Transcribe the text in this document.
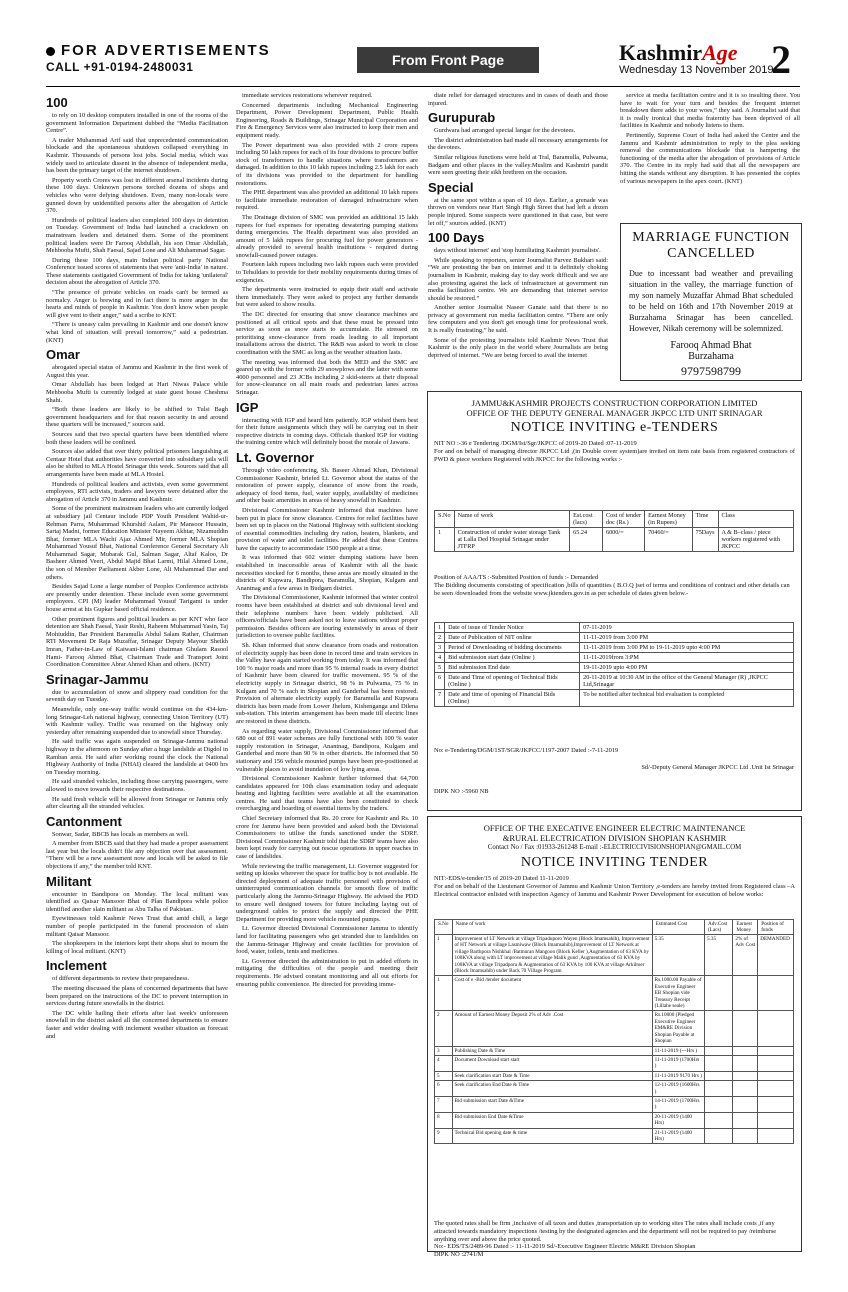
FOR ADVERTISEMENTS
CALL +91-0194-2480031	From Front Page	KashmirAge
Wednesday 13 November 2019
2
100

to rely on 10 desktop computers installed in one of the rooms of the government Information Department dubbed the “Media Facilitation Centre”.

A trader Muhammad Arif said that unprecedented communication blockade and the spontaneous shutdown collapsed everything in Kashmir. Thousands of persons lost jobs. Social media, which was widely used to articulate dissent in the absence of independent media, has been the primary target of the internet shutdown.

Property worth Crores was lost in different arsenal incidents during these 100 days. Unknown persons torched dozens of shops and vehicles who were defying shutdown. Even, many non-locals were gunned down by unidentified persons after the abrogation of Article 370.

Hundreds of political leaders also completed 100 days in detention on Tuesday. Government of India had launched a crackdown on mainstream leaders and detained them. Some of the prominent political leaders were Dr Farooq Abdullah, his son Omar Abdullah, Mehbooba Mufti, Shah Faesal, Sajad Lone and Ali Muhammad Sagar.

During these 100 days, main Indian political party National Conference issued scores of statements that were 'anti-India' in nature. These statements castigated Government of India for taking 'unilateral' decision about the abrogation of Article 370.

“The presence of private vehicles on roads can't be termed as normalcy. Anger is brewing and in fact there is more anger in the hearts and minds of people in Kashmir. You don't know when people will give vent to their anger,” said a scribe to KNT.

“There is uneasy calm prevailing in Kashmir and one doesn't know what kind of situation will prevail tomorrow,” said a pedestrian. (KNT)

Omar

abrogated special status of Jammu and Kashmir in the first week of August this year.

Omar Abdullah has been lodged at Hari Niwas Palace while Mehbooba Mufti is currently lodged at state guest house Cheshma Shahi.

“Both these leaders are likely to be shifted to Tulsi Bagh government headquarters and for that reason security in and around these quarters will be increased,” sources said.

Sources said that two special quarters have been identified where both these leaders will be confined.

Sources also added that over thirty political prisoners languishing at Centaur Hotel that authorities have converted into subsidiary jails will also be shifted to MLA Hostel Srinagar this week. Sources said that all arrangements have been made at MLA Hostel.

Hundreds of political leaders and activists, even some government employees, RTI activists, traders and lawyers were detained after the abrogation of Article 370 in Jammu and Kashmir.

Some of the prominent mainstream leaders who are currently lodged at subsidiary jail Centaur include PDP Youth President Wahid-ur-Rehman Parra, Muhammad Khurshid Aalam, Pir Mansoor Hussain, Sartaj Madni, former Education Minister Nayeem Akhtar, Nizamuddin Bhat, former MLA Wachi Ajaz Ahmed Mir, former MLA Shopian Muhammad Yousuf Bhat, National Conference General Secretary Ali Muhammad Sagar, Mubarak Gul, Salman Sagar, Altaf Kaloo, Dr Basheer Ahmed Veeri, Abdul Majid Bhat Larmi, Hilal Ahmed Lone, the son of Member Parliament Akber Lone, Ali Muhammad Dar and others.

Besides Sajad Lone a large number of Peoples Conference activists are presently under detention. These include even some government employees. CPI (M) leader Muhammad Yousuf Tarigami is under house arrest at his Gupkar based official residence.

Other prominent figures and political leaders as per KNT who face detention are Shah Faesal, Yasir Reshi, Raheem Muhammad Yasin, Taj Mohiuddin, Bar President Baramulla Abdul Salam Rather, Chairman RTI Movement Dr Raja Muzaffar, Srinagar Deputy Mayour Sheikh Imran, Father-in-Law of Kaiwani-Islami chairman Ghulam Rasool Hami- Farooq Ahmed Bhat, Chairman Trade and Transport Joint Coordination Committee Abrar Ahmed Khan and others. (KNT)

Srinagar-Jammu

due to accumulation of snow and slippery road condition for the seventh day on Tuesday.

Meanwhile, only one-way traffic would continue on the 434-km-long Srinagar-Leh national highway, connecting Union Territory (UT) with Kashmir valley. Traffic was resumed on the highway only yesterday after remaining suspended due to snowfall since Thursday.

He said traffic was again suspended on Srinagar-Jammu national highway in the afternoon on Sunday after a huge landslide at Digdol in Ramban area. He said after working round the clock the National Highway Authority of India (NHAI) cleared the landslide at 0400 hrs on Tuesday morning.

He said stranded vehicles, including those carrying passengers, were allowed to move towards their respective destinations.

He said fresh vehicle will be allowed from Srinagar or Jammu only after clearing all the stranded vehicles.

Cantonment

Sonwar, Sadar, BBCB has locals as members as well.

A member from BBCB said that they had made a proper assessment last year but the locals didn't file any objection over that assessment. “There will be a new assessment now and locals will be asked to file objections if any,” the member told KNT.

Militant

encounter in Bandipora on Monday. The local militant was identified as Qaisar Mansoor Bhat of Plan Bandipora while police identified another slain militant as Abu Talha of Pakistan.

Eyewitnesses told Kashmir News Trust that amid chill, a large number of people participated in the funeral procession of slain militant Qaisar Mansoor.

The shopkeepers in the interiors kept their shops shut to mourn the killing of local militant. (KNT)

Inclement

of different departments to review their preparedness.

The meeting discussed the plans of concerned departments that have been prepared on the instructions of the DC to prevent interruption in services during future snowfalls in the district.

The DC while hailing their efforts after last week's unforeseen snowfall in the district asked all the concerned departments to ensure faster and wider dealing with inclement weather situation as forecast and

immediate services restorations wherever required.

Concerned departments including Mechanical Engineering Department, Power Development Department, Public Health Engineering, Roads & Buildings, Srinagar Municipal Corporation and Fire & Emergency Services were also instructed to keep their men and equipment ready.

The Power department was also provided with 2 crore rupees including 50 lakh rupees for each of its four divisions to procure buffer stock of transformers to handle situations where transformers are damaged. In addition to this 10 lakh rupees including 2.5 lakh for each of its divisions was provided to the department for handling restorations.

The PHE department was also provided an additional 10 lakh rupees to facilitate immediate restoration of damaged infrastructure when required.

The Drainage division of SMC was provided an additional 15 lakh rupees for fuel expenses for operating dewatering pumping stations during emergencies. The Health department was also provided an amount of 5 lakh rupees for procuring fuel for power generators - already provided to several health institutions - required during snowfall-caused power outages.

Fourteen lakh rupees including two lakh rupees each were provided to Tehsildars to provide for their mobility requirements during times of exigencies.

The departments were instructed to equip their staff and activate them immediately. They were asked to project any further demands but were asked to show results.

The DC directed for ensuring that snow clearance machines are positioned at all critical spots and that these must be pressed into service as soon as snow starts to accumulate. He stressed on prioritising snow-clearance from roads leading to all important installations across the district. The R&B was asked to work in close coordination with the SMC as long as the weather situation lasts.

The meeting was informed that both the MED and the SMC are geared up with the former with 29 snowplows and the latter with some 4000 personnel and 23 JCBs including 2 skid-steers at their disposal for snow-clearance on all main roads and pedestrian lanes across Srinagar.

IGP

interacting with IGP and heard him patiently. IGP wished them best for their future assignments which they will be carrying out in their respective districts in coming days. Officials thanked IGP for visiting the training centre which will definitely boost the morale of Jawans.

Lt. Governor

Through video conferencing, Sh. Baseer Ahmad Khan, Divisional Commissioner Kashmir, briefed Lt. Governor about the status of the restoration of power supply, clearance of snow from the roads, adequacy of food items, fuel, water supply, availability of medicines and other basic amenities in areas of heavy snowfall in Kashmir.

Divisional Commissioner Kashmir informed that machines have been put in place for snow clearance. Centres for relief facilities have been set up in places on the National Highway with sufficient stocking of essential commodities including dry ration, heaters, blankets, and provision of water and toilet facilities. He added that these Centres have the capacity to accommodate 1500 people at a time.

It was informed that 602 winter dumping stations have been established in inaccessible areas of Kashmir with all the basic necessities stocked for 6 months, these areas are mostly situated in the districts of Kupwara, Bandipora, Baramulla, Shopian, Kulgam and Anantnag and a few areas in Budgam district.

The Divisional Commissioner, Kashmir informed that winter control rooms have been established at district and sub divisional level and their telephone numbers have been widely publicised. All officers/officials have been asked not to leave stations without proper permission. Besides officers are touring extensively in areas of their jurisdiction to oversee public facilities.

Sh. Khan informed that snow clearance from roads and restoration of electricity supply has been done in record time and train services in the Valley have again started working from today. It was informed that 100 % major roads and more than 95 % internal roads in every district of Kashmir have been cleared for traffic movement. 95 % of the electricity supply in Srinagar district, 98 % in Pulwama, 75 % in Kulgam and 70 % each in Shopian and Ganderbal has been restored. Provision of alternate electricity supply for Baramulla and Kupwara districts has been made from Lower Jhelum, Kishenganga and Dilena sub-station. This interim arrangement has been made till electric lines are restored in these districts.

As regarding water supply, Divisional Commissioner informed that 680 out of 891 water schemes are fully functional with 100 % water supply restoration in Srinagar, Anantnag, Bandipora, Kulgam and Ganderbal and more than 90 % in other districts. He informed that 50 stationary and 156 vehicle mounted pumps have been pre-positioned at vulnerable places to avoid inundation of low lying areas.

Divisional Commissioner Kashmir further informed that 64,700 candidates appeared for 10th class examination today and adequate heating and lighting facilities were available at all the examination centres. He said that teams have also been constituted to check overcharging and hoarding of essential items by the traders.

Chief Secretary informed that Rs. 20 crore for Kashmir and Rs. 10 crore for Jammu have been provided and asked both the Divisional Commissioners to utilise the funds sanctioned under the SDRF. Divisional Commissioner Kashmir told that the SDRF teams have also been kept ready for carrying out rescue operations in upper reaches in case of landslides.

While reviewing the traffic management, Lt. Governor suggested for setting up kiosks wherever the space for traffic boy is not available. He directed deployment of adequate traffic personnel with provision of uninterrupted communication channels for smooth flow of traffic particularly along the Jammu-Srinagar Highway. He advised the PDD to ensure well designed towers for future including laying out of underground cables to protect the supply and directed the PHE Department for providing more vehicle mounted pumps.

Lt. Governor directed Divisional Commissioner Jammu to identify land for facilitating passengers who get stranded due to landslides on the Jammu-Srinagar Highway and create facilities for provision of food, water, toilets, tents and medicines.

Lt. Governor directed the administration to put in added efforts in mitigating the difficulties of the people and meeting their requirements. He advised constant monitoring and all out efforts for ensuring public convenience. He directed for providing imme-

diate relief for damaged structures and in cases of death and those injured.

Gurupurab

Gurdwara had arranged special langar for the devotees.

The district administration had made all necessary arrangements for the devotees.

Similar religious functions were held at Tral, Baramulla, Pulwama, Badgam and other places in the valley.Muslim and Kashmiri pandit were seen greeting their sikh brethren on the occasion.

Special

at the same spot within a span of 10 days. Earlier, a grenade was thrown on vendors near Hari Singh High Street that had left a dozen people injured. Some suspects were questioned in that case, but were let off,” sources added. (KNT)

100 Days

days without internet' and 'stop humiliating Kashmiri journalists'.

While speaking to reporters, senior Journalist Parvez Bukhari said: “We are protesting the ban on internet and it is definitely choking journalism in Kashmir, making day to day work difficult and we are also protesting against the lack of infrastructure at government run media facilitation centre. We are demanding that internet service should be restored.”

Another senior Journalist Naseer Ganaie said that there is no privacy at government run media facilitation centre. “There are only few computers and you don't get enough time for professional work. It is really frustrating,” he said.

Some of the protesting journalists told Kashmir News Trust that Kashmir is the only place in the world where Journalists are being deprived of internet. “We are being forced to avail the internet

service at media facilitation centre and it is so insulting there. You have to wait for your turn and besides the frequent internet breakdown there adds to your woes,” they said. A Journalist said that it is really ironical that media fraternity has been deprived of all facilities in Kashmir and nobody listens to them.

Pertinently, Supreme Court of India had asked the Centre and the Jammu and Kashmir administration to reply to the plea seeking removal the communications blockade that is hampering the functioning of the media after the abrogation of provisions of Article 370. The Centre in its reply had said that all the newspapers are hitting the stands without any disruption. It has presented the copies of various newspapers in the apex court. (KNT)

MARRIAGE FUNCTION CANCELLED
Due to incessant bad weather and prevailing situation in the valley, the marriage function of my son namely Muzaffar Ahmad Bhat scheduled to be held on 16th and 17th November 2019 at Burzahama Srinagar has been cancelled. However, Nikah ceremony will be solemnized.
Farooq Ahmad Bhat
Burzahama
9797598799
JAMMU&KASHMIR PROJECTS CONSTRUCTION CORPORATION LIMITED
OFFICE OF THE DEPUTY GENERAL MANAGER JKPCC LTD UNIT SRINAGAR
NOTICE INVITING e-TENDERS
NIT NO :-36 e Tendering /DGM/Ist/Sgr/JKPCC of 2019-20 Dated :07-11-2019
For and on behalf of managing director JKPCC Ltd ,(in Double cover system)are invited on item rate basis from registered contractors of PWD & piece workers Registered with JKPCC for the following works :-
S.No	Name of work	Est.cost (lacs)	Cost of tender doc (Rs.)	Earnest Money (in Rupees)	Time	Class
1	Construction of under water storage Tank at Lalla Ded Hospital Srinagar under JTFRP	65.24	6000/=	70460/=	75Days	A & B–class / piece workers registered with JKPCC
Position of AAA/TS :-Submitted Position of funds :- Demanded
The Bidding documents consisting of specification ,bills of quantities ( B.O.Q )set of terms and conditions of contract and other details can be seen /downloaded from the website www.jktenders.gov.in as per schedule of dates given below.-
1	Date of issue of Tender Notice	07-11-2019
2	Date of Publication of NIT online	11-11-2019 from 3:00 PM
3	Period of Downloading of bidding documents	11-11-2019 from 3:00 PM to 19-11-2019 upto 4:00 PM
4	Bid submission start date (Online )	11-11-2019from 3:PM
5	Bid submission End date	19-11-2019 upto 4:00 PM
6	Date and Time of opening of Technical Bids (Online )	20-11-2019 at 10:30 AM in the office of the General Manager (R) ,JKPCC Ltd,Srinagar
7	Date and time of opening of Financial Bids (Online)	To be notified after technical bid evaluation is completed
No: e-Tendering/DGM/1ST/SGR/JKPCC/1197-2007 Dated :-7-11-2019
Sd/-Deputy General Manager JKPCC Ltd .Unit Ist Srinagar
DIPK NO :-5960 NB
OFFICE OF THE EXECATIVE ENGINEER ELECTRIC MAINTENANCE
&RURAL ELECTRICATION DIVISION SHOPIAN KASHMIR
Contact No / Fax :01933-261248 E-mail :-ELECTRICCIVISIONSHOPIAN@GMAIL.COM
NOTICE INVITING TENDER
NIT:-EDS/e-tender/15 of 2019-20 Dated 11-11-2019
For and on behalf of the Lieutenant Governor of Jammu and Kashmir Union Territory ,e-tenders are hereby invited from Registered class –A Electrical contractor enlisted with inspection Agency of Jammu and Kashmir Power Development for execution of below works:
S.No	Name of work	Estimated Cost	Adv.Cost (Lacs)	Earnest Money	Position of funds
1	Improvement of LT Network at village Tripaduporo Wayen (Block Imamsahib), Improvement of HT Network at village Lasmiwaw (Block Imamsahib),Improvement of LT Network at village Barthpora Nishkhal /Batmuran Mangoon (Block Keller ),Augmentation of 63 KVA by 100KVA along with LT improvement at village Malik gund ,Augmentation of 63 KVA by 100KVA at village Tripadpora & Augmentation of 63 KVA by 100 KVA at village Arkiltoer (Block Imamsahib) under Back 70 Village Program	5.35	5.35	2% of Adv Cost	DEMANDED
1	Cost of e -Bid /tender document	Rs.1000.00 Payable of Executive Engineer EB Shopian vide Treasury Receipt (Lillahe seale)			
2	Amount of Earnest Money Deposit 2% of Adv .Cost	Rs.10000 (Pledged Executive Engineer EM&RE Division Shopian Payable at Shopian			
3	Publishing Date & Time	11-11-2019 (---Hrs )			
4	Document Download start start	11-11-2019 (1700Hrs )			
5	Seek clarification start Date & Time	11-11-2019 9170 Hrs )			
6	Seek clarification End Date & Time	12-11-2019 (1600Hrs )			
7	Bid submission start Date &Time	14-11-2019 (1700Hrs )			
8	Bid submission End Date &Time	20-11-2019 (1400 Hrs)			
9	Technical Bid opening date & time	21-11-2019 (1400 Hrs)			
The quoted rates shall be firm ,inclusive of all taxes and duties ,transportation up to working sites The rates shall include costs ,if any attracted towards mandatory inspections /testing by the designated agencies and the department will not be required to pay /reimburse anything over and above the price quoted.
No:- EDS/TS/2489-96 Dated :- 11-11-2019 Sd/-Executive Engineer Electric M&RE Division Shopian
DIPK NO :2741/M
